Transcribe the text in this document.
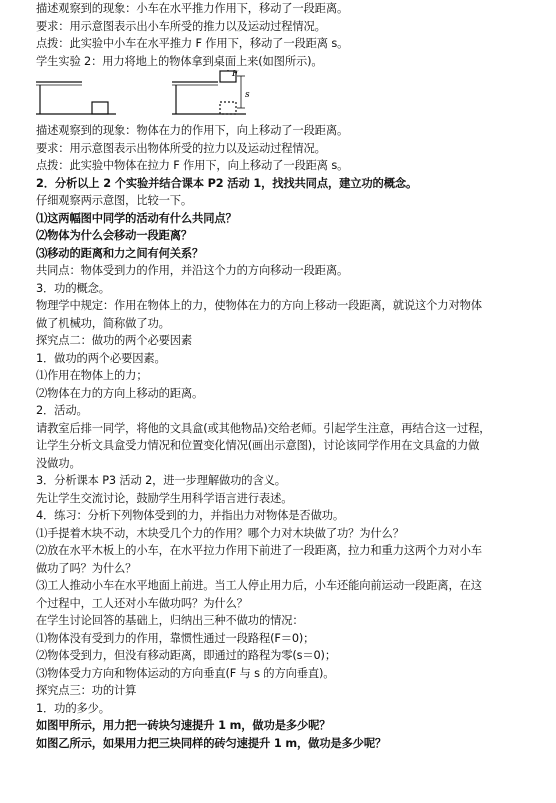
描述观察到的现象：小车在水平推力作用下，移动了一段距离。
要求：用示意图表示出小车所受的推力以及运动过程情况。
点拨：此实验中小车在水平推力 F 作用下，移动了一段距离 s。
学生实验 2：用力将地上的物体拿到桌面上来(如图所示)。
F
s
描述观察到的现象：物体在力的作用下，向上移动了一段距离。
要求：用示意图表示出物体所受的拉力以及运动过程情况。
点拨：此实验中物体在拉力 F 作用下，向上移动了一段距离 s。
2．分析以上 2 个实验并结合课本 P2 活动 1，找找共同点，建立功的概念。
仔细观察两示意图，比较一下。
⑴这两幅图中同学的活动有什么共同点？
⑵物体为什么会移动一段距离？
⑶移动的距离和力之间有何关系？
共同点：物体受到力的作用，并沿这个力的方向移动一段距离。
3．功的概念。
物理学中规定：作用在物体上的力，使物体在力的方向上移动一段距离，就说这个力对物体
做了机械功，简称做了功。
探究点二：做功的两个必要因素
1．做功的两个必要因素。
⑴作用在物体上的力；
⑵物体在力的方向上移动的距离。
2．活动。
请教室后排一同学，将他的文具盒(或其他物品)交给老师。引起学生注意，再结合这一过程，
让学生分析文具盒受力情况和位置变化情况(画出示意图)，讨论该同学作用在文具盒的力做
没做功。
3．分析课本 P3 活动 2，进一步理解做功的含义。
先让学生交流讨论，鼓励学生用科学语言进行表述。
4．练习：分析下列物体受到的力，并指出力对物体是否做功。
⑴手提着木块不动，木块受几个力的作用？哪个力对木块做了功？为什么？
⑵放在水平木板上的小车，在水平拉力作用下前进了一段距离，拉力和重力这两个力对小车
做功了吗？为什么？
⑶工人推动小车在水平地面上前进。当工人停止用力后，小车还能向前运动一段距离，在这
个过程中，工人还对小车做功吗？为什么？
在学生讨论回答的基础上，归纳出三种不做功的情况：
⑴物体没有受到力的作用，靠惯性通过一段路程(F＝0)；
⑵物体受到力，但没有移动距离，即通过的路程为零(s＝0)；
⑶物体受力方向和物体运动的方向垂直(F 与 s 的方向垂直)。
探究点三：功的计算
1．功的多少。
如图甲所示，用力把一砖块匀速提升 1 m，做功是多少呢？
如图乙所示，如果用力把三块同样的砖匀速提升 1 m，做功是多少呢？
